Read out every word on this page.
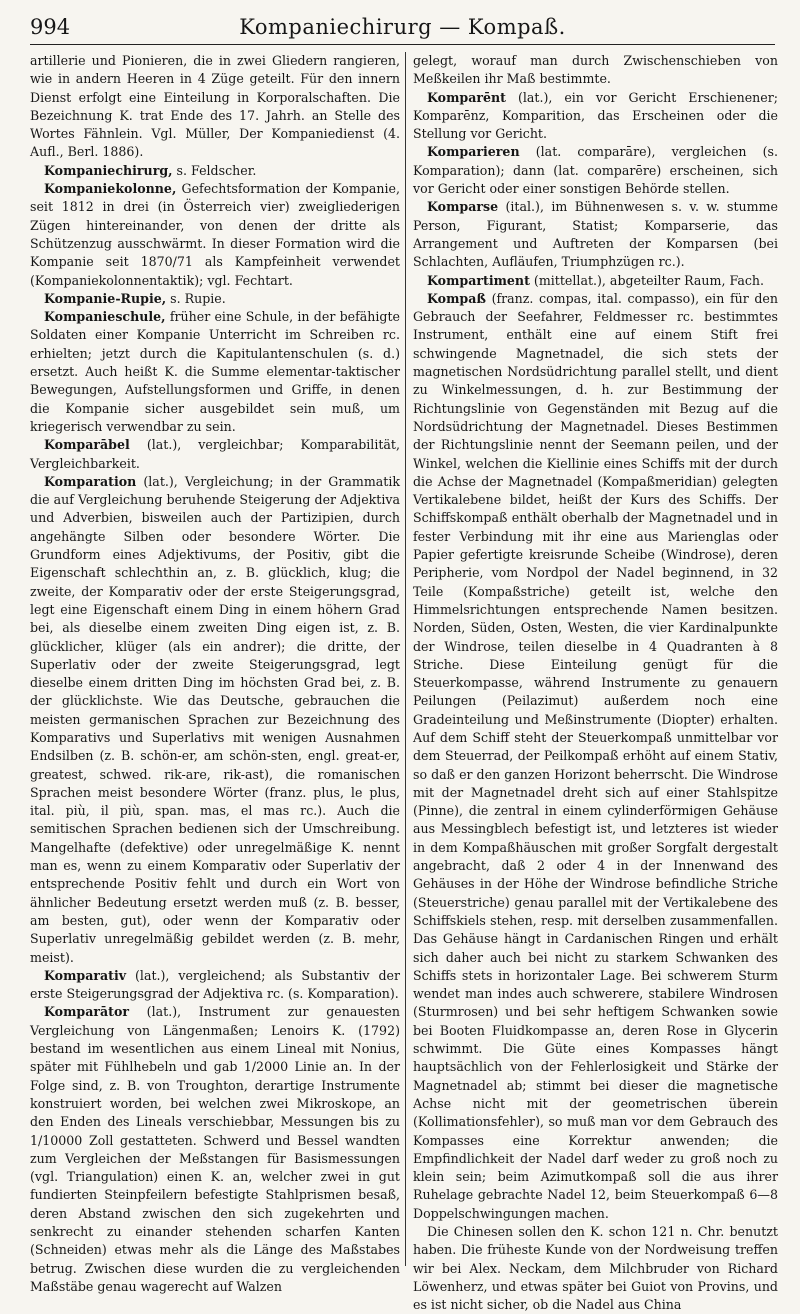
994	Kompaniechirurg — Kompaß.

artillerie und Pionieren, die in zwei Gliedern rangieren, wie in andern Heeren in 4 Züge geteilt. Für den innern Dienst erfolgt eine Einteilung in Korporalschaften. Die Bezeichnung K. trat Ende des 17. Jahrh. an Stelle des Wortes Fähnlein. Vgl. Müller, Der Kompaniedienst (4. Aufl., Berl. 1886).

Kompaniechirurg, s. Feldscher.

Kompaniekolonne, Gefechtsformation der Kompanie, seit 1812 in drei (in Österreich vier) zweigliederigen Zügen hintereinander, von denen der dritte als Schützenzug ausschwärmt. In dieser Formation wird die Kompanie seit 1870/71 als Kampfeinheit verwendet (Kompaniekolonnentaktik); vgl. Fechtart.

Kompanie-Rupie, s. Rupie.

Kompanieschule, früher eine Schule, in der befähigte Soldaten einer Kompanie Unterricht im Schreiben rc. erhielten; jetzt durch die Kapitulantenschulen (s. d.) ersetzt. Auch heißt K. die Summe elementar-taktischer Bewegungen, Aufstellungsformen und Griffe, in denen die Kompanie sicher ausgebildet sein muß, um kriegerisch verwendbar zu sein.

Komparābel (lat.), vergleichbar; Komparabilität, Vergleichbarkeit.

Komparation (lat.), Vergleichung; in der Grammatik die auf Vergleichung beruhende Steigerung der Adjektiva und Adverbien, bisweilen auch der Partizipien, durch angehängte Silben oder besondere Wörter. Die Grundform eines Adjektivums, der Positiv, gibt die Eigenschaft schlechthin an, z. B. glücklich, klug; die zweite, der Komparativ oder der erste Steigerungsgrad, legt eine Eigenschaft einem Ding in einem höhern Grad bei, als dieselbe einem zweiten Ding eigen ist, z. B. glücklicher, klüger (als ein andrer); die dritte, der Superlativ oder der zweite Steigerungsgrad, legt dieselbe einem dritten Ding im höchsten Grad bei, z. B. der glücklichste. Wie das Deutsche, gebrauchen die meisten germanischen Sprachen zur Bezeichnung des Komparativs und Superlativs mit wenigen Ausnahmen Endsilben (z. B. schön-er, am schön-sten, engl. great-er, greatest, schwed. rik-are, rik-ast), die romanischen Sprachen meist besondere Wörter (franz. plus, le plus, ital. più, il più, span. mas, el mas rc.). Auch die semitischen Sprachen bedienen sich der Umschreibung. Mangelhafte (defektive) oder unregelmäßige K. nennt man es, wenn zu einem Komparativ oder Superlativ der entsprechende Positiv fehlt und durch ein Wort von ähnlicher Bedeutung ersetzt werden muß (z. B. besser, am besten, gut), oder wenn der Komparativ oder Superlativ unregelmäßig gebildet werden (z. B. mehr, meist).

Komparativ (lat.), vergleichend; als Substantiv der erste Steigerungsgrad der Adjektiva rc. (s. Komparation).

Komparātor (lat.), Instrument zur genauesten Vergleichung von Längenmaßen; Lenoirs K. (1792) bestand im wesentlichen aus einem Lineal mit Nonius, später mit Fühlhebeln und gab 1/2000 Linie an. In der Folge sind, z. B. von Troughton, derartige Instrumente konstruiert worden, bei welchen zwei Mikroskope, an den Enden des Lineals verschiebbar, Messungen bis zu 1/10000 Zoll gestatteten. Schwerd und Bessel wandten zum Vergleichen der Meßstangen für Basismessungen (vgl. Triangulation) einen K. an, welcher zwei in gut fundierten Steinpfeilern befestigte Stahlprismen besaß, deren Abstand zwischen den sich zugekehrten und senkrecht zu einander stehenden scharfen Kanten (Schneiden) etwas mehr als die Länge des Maßstabes betrug. Zwischen diese wurden die zu vergleichenden Maßstäbe genau wagerecht auf Walzen

gelegt, worauf man durch Zwischenschieben von Meßkeilen ihr Maß bestimmte.

Komparēnt (lat.), ein vor Gericht Erschienener; Komparēnz, Komparition, das Erscheinen oder die Stellung vor Gericht.

Komparieren (lat. comparāre), vergleichen (s. Komparation); dann (lat. comparēre) erscheinen, sich vor Gericht oder einer sonstigen Behörde stellen.

Komparse (ital.), im Bühnenwesen s. v. w. stumme Person, Figurant, Statist; Komparserie, das Arrangement und Auftreten der Komparsen (bei Schlachten, Aufläufen, Triumphzügen rc.).

Kompartiment (mittellat.), abgeteilter Raum, Fach.

Kompaß (franz. compas, ital. compasso), ein für den Gebrauch der Seefahrer, Feldmesser rc. bestimmtes Instrument, enthält eine auf einem Stift frei schwingende Magnetnadel, die sich stets der magnetischen Nordsüdrichtung parallel stellt, und dient zu Winkelmessungen, d. h. zur Bestimmung der Richtungslinie von Gegenständen mit Bezug auf die Nordsüdrichtung der Magnetnadel. Dieses Bestimmen der Richtungslinie nennt der Seemann peilen, und der Winkel, welchen die Kiellinie eines Schiffs mit der durch die Achse der Magnetnadel (Kompaßmeridian) gelegten Vertikalebene bildet, heißt der Kurs des Schiffs. Der Schiffskompaß enthält oberhalb der Magnetnadel und in fester Verbindung mit ihr eine aus Marienglas oder Papier gefertigte kreisrunde Scheibe (Windrose), deren Peripherie, vom Nordpol der Nadel beginnend, in 32 Teile (Kompaßstriche) geteilt ist, welche den Himmelsrichtungen entsprechende Namen besitzen. Norden, Süden, Osten, Westen, die vier Kardinalpunkte der Windrose, teilen dieselbe in 4 Quadranten à 8 Striche. Diese Einteilung genügt für die Steuerkompasse, während Instrumente zu genauern Peilungen (Peilazimut) außerdem noch eine Gradeinteilung und Meßinstrumente (Diopter) erhalten. Auf dem Schiff steht der Steuerkompaß unmittelbar vor dem Steuerrad, der Peilkompaß erhöht auf einem Stativ, so daß er den ganzen Horizont beherrscht. Die Windrose mit der Magnetnadel dreht sich auf einer Stahlspitze (Pinne), die zentral in einem cylinderförmigen Gehäuse aus Messingblech befestigt ist, und letzteres ist wieder in dem Kompaßhäuschen mit großer Sorgfalt dergestalt angebracht, daß 2 oder 4 in der Innenwand des Gehäuses in der Höhe der Windrose befindliche Striche (Steuerstriche) genau parallel mit der Vertikalebene des Schiffskiels stehen, resp. mit derselben zusammenfallen. Das Gehäuse hängt in Cardanischen Ringen und erhält sich daher auch bei nicht zu starkem Schwanken des Schiffs stets in horizontaler Lage. Bei schwerem Sturm wendet man indes auch schwerere, stabilere Windrosen (Sturmrosen) und bei sehr heftigem Schwanken sowie bei Booten Fluidkompasse an, deren Rose in Glycerin schwimmt. Die Güte eines Kompasses hängt hauptsächlich von der Fehlerlosigkeit und Stärke der Magnetnadel ab; stimmt bei dieser die magnetische Achse nicht mit der geometrischen überein (Kollimationsfehler), so muß man vor dem Gebrauch des Kompasses eine Korrektur anwenden; die Empfindlichkeit der Nadel darf weder zu groß noch zu klein sein; beim Azimutkompaß soll die aus ihrer Ruhelage gebrachte Nadel 12, beim Steuerkompaß 6—8 Doppelschwingungen machen.

Die Chinesen sollen den K. schon 121 n. Chr. benutzt haben. Die früheste Kunde von der Nordweisung treffen wir bei Alex. Neckam, dem Milchbruder von Richard Löwenherz, und etwas später bei Guiot von Provins, und es ist nicht sicher, ob die Nadel aus China
